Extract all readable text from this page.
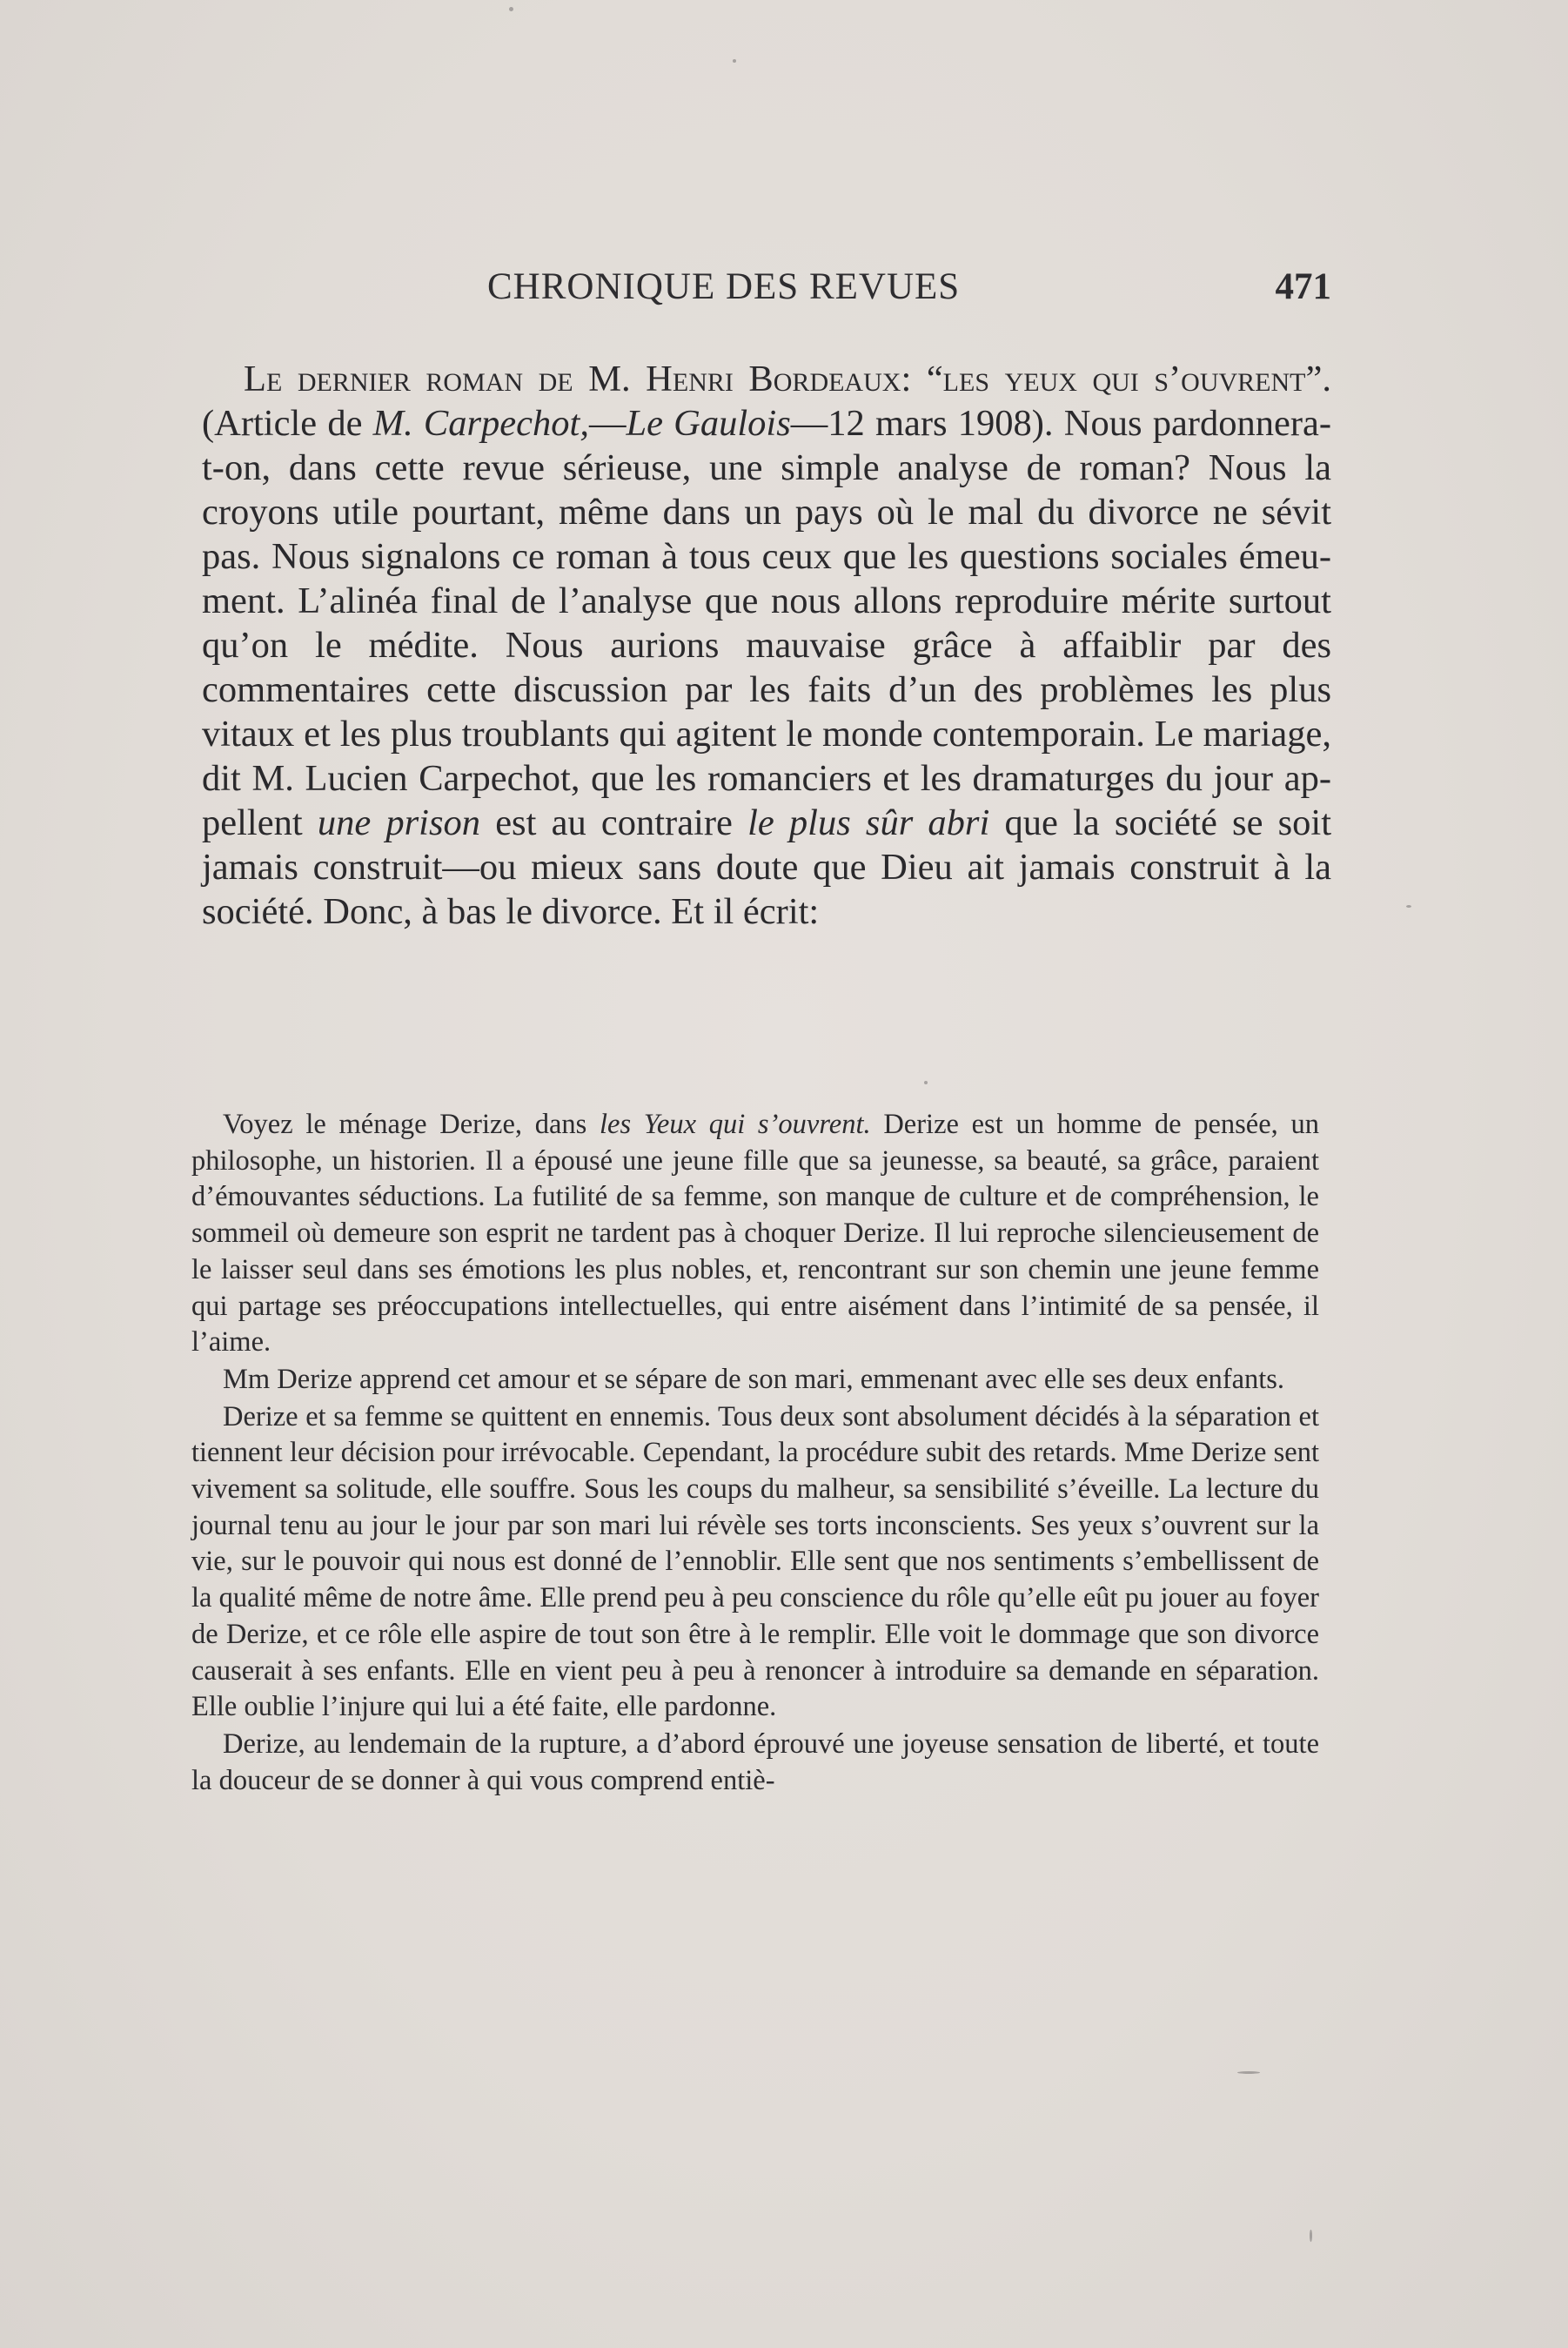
CHRONIQUE DES REVUES	471

Le dernier roman de M. Henri Bordeaux: “les yeux qui s’ouvrent”. (Article de M. Carpechot,—Le Gaulois—12 mars 1908). Nous pardonnera-t-on, dans cette revue sérieuse, une simple analyse de roman? Nous la croyons utile pourtant, même dans un pays où le mal du divorce ne sévit pas. Nous signalons ce roman à tous ceux que les questions sociales émeument. L’alinéa final de l’analyse que nous allons reproduire mérite surtout qu’on le médite. Nous aurions mauvaise grâce à affaiblir par des commentaires cette discussion par les faits d’un des problèmes les plus vitaux et les plus troublants qui agitent le monde contemporain. Le mariage, dit M. Lucien Carpechot, que les romanciers et les dramaturges du jour appellent une prison est au contraire le plus sûr abri que la société se soit jamais construit—ou mieux sans doute que Dieu ait jamais construit à la société. Donc, à bas le divorce. Et il écrit:

Voyez le ménage Derize, dans les Yeux qui s’ouvrent. Derize est un homme de pensée, un philosophe, un historien. Il a épousé une jeune fille que sa jeunesse, sa beauté, sa grâce, paraient d’émouvantes séductions. La futilité de sa femme, son manque de culture et de compréhension, le sommeil où demeure son esprit ne tardent pas à choquer Derize. Il lui reproche silencieusement de le laisser seul dans ses émotions les plus nobles, et, rencontrant sur son chemin une jeune femme qui partage ses préoccupations intellectuelles, qui entre aisément dans l’intimité de sa pensée, il l’aime.

Mm Derize apprend cet amour et se sépare de son mari, emmenant avec elle ses deux enfants.

Derize et sa femme se quittent en ennemis. Tous deux sont absolument décidés à la séparation et tiennent leur décision pour irrévocable. Cependant, la procédure subit des retards. Mme Derize sent vivement sa solitude, elle souffre. Sous les coups du malheur, sa sensibilité s’éveille. La lecture du journal tenu au jour le jour par son mari lui révèle ses torts inconscients. Ses yeux s’ouvrent sur la vie, sur le pouvoir qui nous est donné de l’ennoblir. Elle sent que nos sentiments s’embellissent de la qualité même de notre âme. Elle prend peu à peu conscience du rôle qu’elle eût pu jouer au foyer de Derize, et ce rôle elle aspire de tout son être à le remplir. Elle voit le dommage que son divorce causerait à ses enfants. Elle en vient peu à peu à renoncer à introduire sa demande en séparation. Elle oublie l’injure qui lui a été faite, elle pardonne.

Derize, au lendemain de la rupture, a d’abord éprouvé une joyeuse sensation de liberté, et toute la douceur de se donner à qui vous comprend entiè-
